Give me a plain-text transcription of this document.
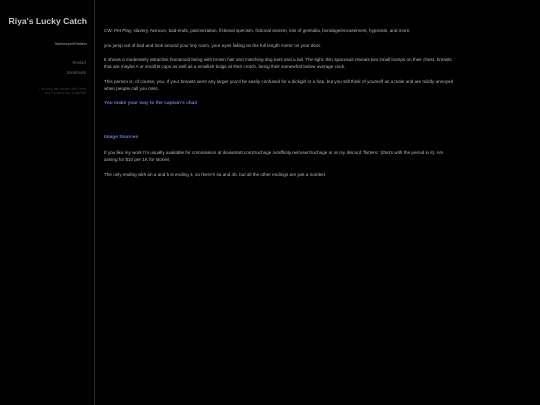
Riya's Lucky Catch
Starkeeper/Platters
Restart
Bookmark
The story was created with Twine and is powered by TiddlyWiki

CW: Pet Play, slavery, Noncon, bad-ends, patronization, fictional specism, fictional sexism, lots of genitalia, bondage/encasement, hypnosis, and more.

you jump out of bed and look around your tiny room, your eyes falling on the full length mirror on your door.

It shows a moderately attractive humanoid being with brown hair and matching dog ears and a tail. The tight, thin spacesuit reveals two small bumps on their chest, breasts that are maybe A or small B cups as well as a smallish bulge at their crotch, being their somewhat below average cock.

This person is, of course, you. If your breasts were any larger you'd be easily confused for a dickgirl or a futa, but you still think of yourself as a male and are mildly annoyed when people call you miss.

You make your way to the captain's chair

Image Sources

If you like my work I'm usually available for commission at deviantart.com/zachage /uraffinity.net/user/zachage or at my discord 'flutters.' (that's with the period in it). Am aiming for $10 per 1K for stories

The only ending with an a and b is ending 4, so there's 4a and 4b, but all the other endings are just a number.
